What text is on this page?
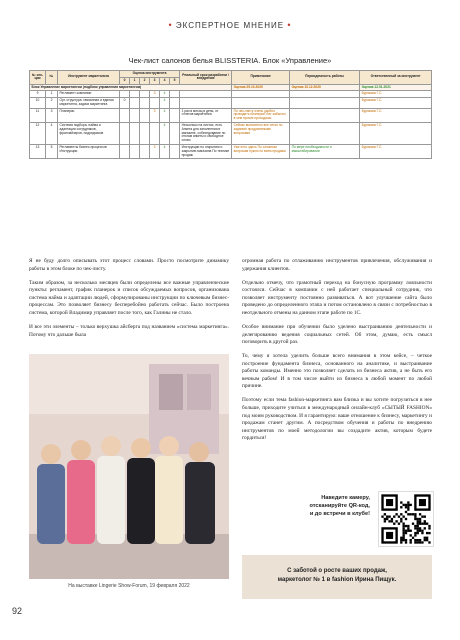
• ЭКСПЕРТНОЕ МНЕНИЕ •
Чек-лист салонов белья BLISSTERIA. Блок «Управление»
№ сек-ции	№	Инструмент маркетолога	Оценка инструмента						Реальный срок разработки / внедрения	Примечание	Периодичность работы	Ответственный за инструмент
			0	1	2	3	4	5				
Блок Управление маркетингом (подблок управления маркетингом)										Оценка 29.10.2020	Оценка 10.12.2020	Оценка 12.01.2021
9	1	Регламент компании				3	4					Бурякова Г.С.
10	2	Орг. структура: связанная и единая маркетинга, задачи маркетинга	0				4					Бурякова Г.С.
11	3	Планерки				3	4		1 раз в месяц в день, от отчетов маркетинга	По чек-листу очень удобно проводить планерки, нет забытых, в чем прочих проходишь		Бурякова Г.С.
12	4	Система подбора, найма и адаптации сотрудников, франчайзеров, подрядчиков					4		Несколько на листах, есть Анкета для заполнения в магазине, собеседование по итогам анкеты и свободное слово	Сейчас выполнено все четко по заданию продуманными вопросами		Бурякова Г.С.
13	5	Регламенты бизнес-процессов Инструкции				3	4		Инструкции по открытию и закрытию магазина По технике продаж	Уже есть здесь По сложным вопросам нужно по всем продажи	По мере необходимости и масштабирования	Бурякова Г.С.

Я не буду долго описывать этот процесс словами. Просто посмотрите динамику работы в этом блоке по чек-листу.

Таким образом, за несколько месяцев были определены все важные управленческие пункты: регламент, график планерок и список обсуждаемых вопросов, организована система найма и адаптации людей, сформулированы инструкции по ключевым бизнес-процессам. Это позволяет бизнесу бесперебойно работать сейчас. Было построена система, которой Владимир управляет после того, как Галины не стало.

И все эти элементы – только верхушка айсберга под названием «система маркетинга». Потому что дальше была

На выставке Lingerie Show-Forum, 19 февраля 2022

огромная работа по отлаживанию инструментов привлечения, обслуживания и удержания клиентов.

Отдельно отмечу, что грамотный переход на бонусную программу лояльности состоялся. Сейчас в компании с ней работает специальный сотрудник, что позволяет инструменту постоянно развиваться. А вот улучшение сайта было проведено до определенного этапа и потом остановлено в связи с потребностью в неотдельного отмены на данном этапе работе по 1С.

Особое внимание при обучении было уделено выстраиванию деятельности и делегированию ведения социальных сетей. Об этом, думаю, есть смысл поговорить в другой раз.

То, чему я хотела уделить больше всего внимания в этом кейсе, – четкое построение фундамента бизнеса, основанного на аналитике, и выстраивание работы команды. Именно это позволяет сделать из бизнеса актив, а не быть его вечным рабом! И в том числе выйти из бизнеса в любой момент по любой причине.

Поэтому если тема fashion-маркетинга вам близка и вы хотите погрузиться в нее больше, приходите учиться в международный онлайн-клуб «СЫТЫЙ FASHION» под моим руководством. И я гарантирую: ваше отношение к бизнесу, маркетингу и продажам станет другим. А посредством обучения и работы по внедрению инструментов по моей методологии вы создадите актив, которым будете гордиться!

Наведите камеру,
отсканируйте QR-код,
и до встречи в клубе!
С заботой о росте ваших продаж,
маркетолог № 1 в fashion Ирина Пищук.
92
